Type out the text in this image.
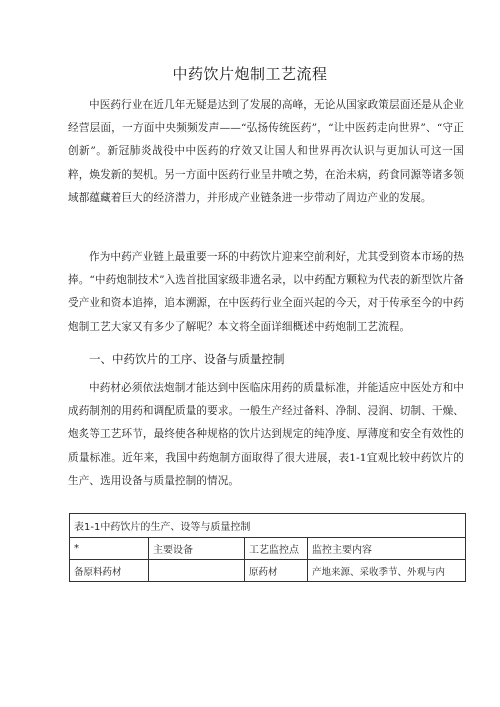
中药饮片炮制工艺流程
中医药行业在近几年无疑是达到了发展的高峰，无论从国家政策层面还是从企业经营层面，一方面中央频频发声——“弘扬传统医药”，“让中医药走向世界”、“守正创新”。新冠肺炎战役中中医药的疗效又让国人和世界再次认识与更加认可这一国粹，焕发新的契机。另一方面中医药行业呈井喷之势，在治未病，药食同源等诸多领域都蕴藏着巨大的经济潜力，并形成产业链条进一步带动了周边产业的发展。
作为中药产业链上最重要一环的中药饮片迎来空前利好，尤其受到资本市场的热捧。“中药炮制技术”入选首批国家级非遗名录，以中药配方颗粒为代表的新型饮片备受产业和资本追捧，追本溯源，在中医药行业全面兴起的今天，对于传承至今的中药炮制工艺大家又有多少了解呢？本文将全面详细概述中药炮制工艺流程。
一、中药饮片的工序、设备与质量控制
中药材必须依法炮制才能达到中医临床用药的质量标准，并能适应中医处方和中成药制剂的用药和调配质量的要求。一般生产经过备料、净制、浸润、切制、干燥、炮炙等工艺环节，最终使各种规格的饮片达到规定的纯净度、厚薄度和安全有效性的质量标准。近年来，我国中药炮制方面取得了很大进展，表1-1宜观比较中药饮片的生产、选用设备与质量控制的情况。
表1-1中药饮片的生产、设等与质量控制			
*	主要设备	工艺监控点	监控主要内容
备原料药材		原药材	产地来源、采收季节、外观与内
